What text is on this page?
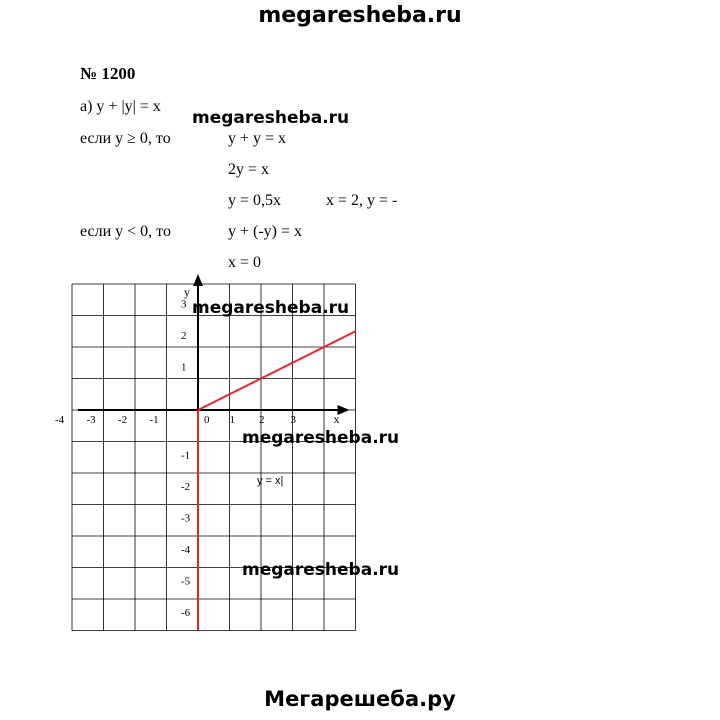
megaresheba.ru
№ 1200
а) y + |y| = x
если y ≥ 0, то	y + y = x
2y = x
y = 0,5x	x = 2, y = -
если y < 0, то	y + (-y) = x
x = 0
-4 -3 -2 -1	1 2 3
3
2
1
-1
-2
-3
-4
-5
-6
0	x
y
y = x|
megaresheba.ru
megaresheba.ru
megaresheba.ru
megaresheba.ru
Мегарешеба.ру
